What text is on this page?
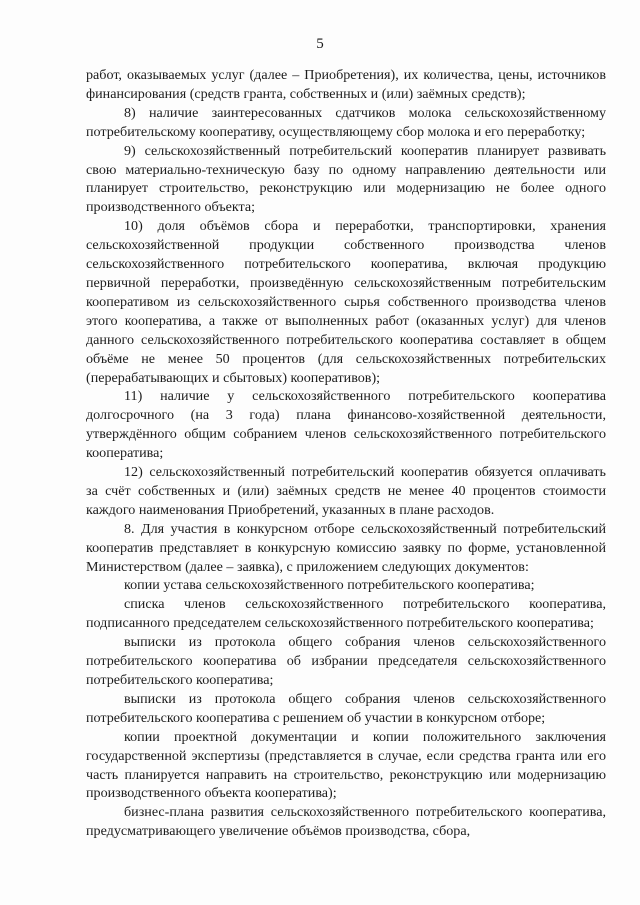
5

работ, оказываемых услуг (далее – Приобретения), их количества, цены, источников финансирования (средств гранта, собственных и (или) заёмных средств);

8) наличие заинтересованных сдатчиков молока сельскохозяйственному потребительскому кооперативу, осуществляющему сбор молока и его переработку;

9) сельскохозяйственный потребительский кооператив планирует развивать свою материально-техническую базу по одному направлению деятельности или планирует строительство, реконструкцию или модернизацию не более одного производственного объекта;

10) доля объёмов сбора и переработки, транспортировки, хранения сельскохозяйственной продукции собственного производства членов сельскохозяйственного потребительского кооператива, включая продукцию первичной переработки, произведённую сельскохозяйственным потребительским кооперативом из сельскохозяйственного сырья собственного производства членов этого кооператива, а также от выполненных работ (оказанных услуг) для членов данного сельскохозяйственного потребительского кооператива составляет в общем объёме не менее 50 процентов (для сельскохозяйственных потребительских (перерабатывающих и сбытовых) кооперативов);

11) наличие у сельскохозяйственного потребительского кооператива долгосрочного (на 3 года) плана финансово-хозяйственной деятельности, утверждённого общим собранием членов сельскохозяйственного потребительского кооператива;

12) сельскохозяйственный потребительский кооператив обязуется оплачивать за счёт собственных и (или) заёмных средств не менее 40 процентов стоимости каждого наименования Приобретений, указанных в плане расходов.

8. Для участия в конкурсном отборе сельскохозяйственный потребительский кооператив представляет в конкурсную комиссию заявку по форме, установленной Министерством (далее – заявка), с приложением следующих документов:

копии устава сельскохозяйственного потребительского кооператива;

списка членов сельскохозяйственного потребительского кооператива, подписанного председателем сельскохозяйственного потребительского кооператива;

выписки из протокола общего собрания членов сельскохозяйственного потребительского кооператива об избрании председателя сельскохозяйственного потребительского кооператива;

выписки из протокола общего собрания членов сельскохозяйственного потребительского кооператива с решением об участии в конкурсном отборе;

копии проектной документации и копии положительного заключения государственной экспертизы (представляется в случае, если средства гранта или его часть планируется направить на строительство, реконструкцию или модернизацию производственного объекта кооператива);

бизнес-плана развития сельскохозяйственного потребительского кооператива, предусматривающего увеличение объёмов производства, сбора,
